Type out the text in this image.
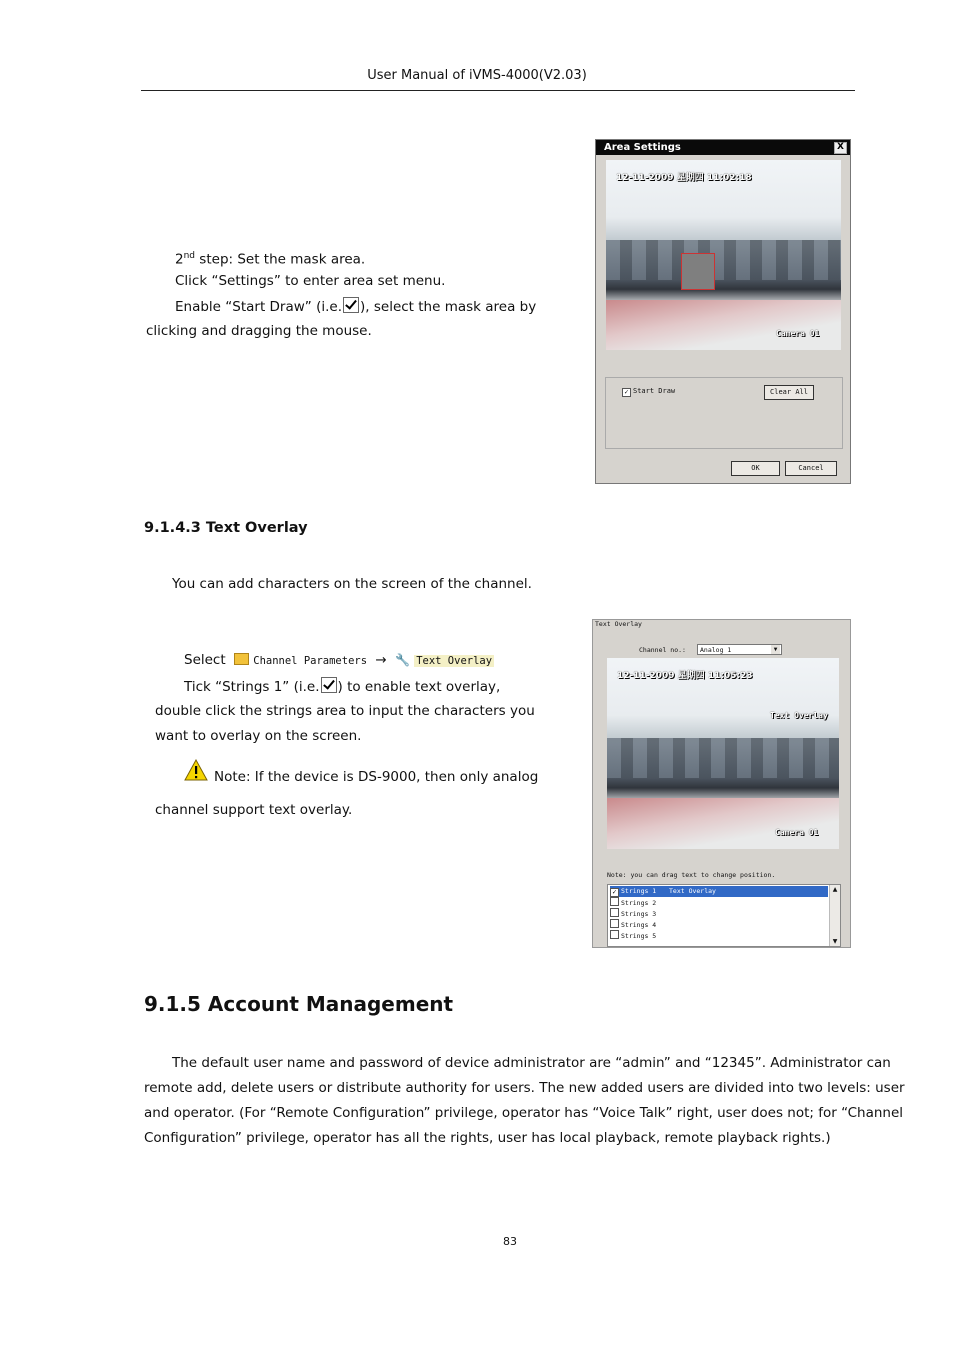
User Manual of iVMS-4000(V2.03)
2nd step: Set the mask area.
Click “Settings” to enter area set menu.
Enable “Start Draw” (i.e. ), select the mask area by
clicking and dragging the mouse.
Area Settings	X
12-11-2009 星期四 11:02:18
Camera 01
✓ Start Draw	Clear All
OK	Cancel
9.1.4.3 Text Overlay
You can add characters on the screen of the channel.
Select	Channel Parameters → 🔧 Text Overlay
Tick “Strings 1” (i.e. ) to enable text overlay,
double click the strings area to input the characters you
want to overlay on the screen.
Note: If the device is DS-9000, then only analog
channel support text overlay.
Text Overlay
Channel no.:	Analog 1	▼
12-11-2009 星期四 11:05:23
Text Overlay
Camera 01
Note: you can drag text to change position.
✓ Strings 1 Text Overlay
Strings 2
Strings 3
Strings 4
Strings 5
▲
▼
9.1.5 Account Management
The default user name and password of device administrator are “admin” and “12345”. Administrator can
remote add, delete users or distribute authority for users. The new added users are divided into two levels: user
and operator. (For “Remote Configuration” privilege, operator has “Voice Talk” right, user does not; for “Channel
Configuration” privilege, operator has all the rights, user has local playback, remote playback rights.)
83
